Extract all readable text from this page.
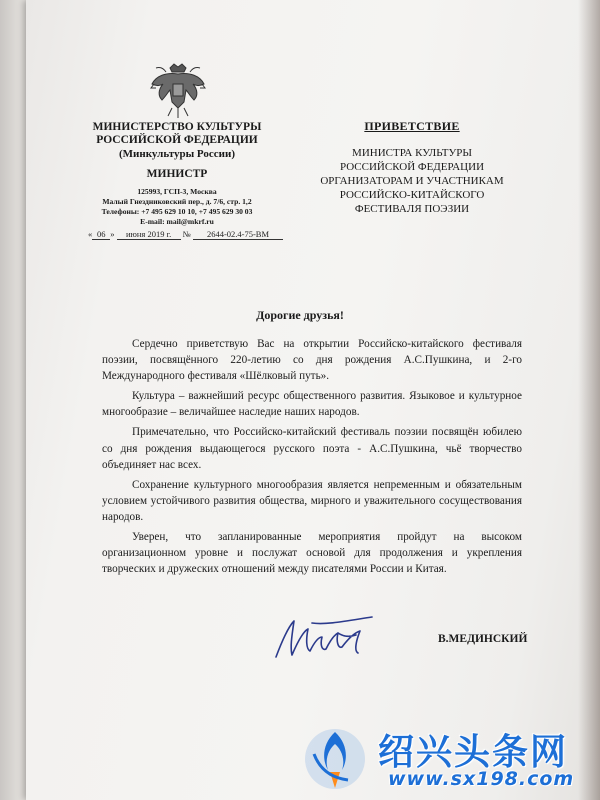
МИНИСТЕРСТВО КУЛЬТУРЫ
РОССИЙСКОЙ ФЕДЕРАЦИИ
(Минкультуры России)
МИНИСТР
125993, ГСП-3, Москва
Малый Гнездниковский пер., д. 7/6, стр. 1,2
Телефоны: +7 495 629 10 10, +7 495 629 30 03
E-mail: mail@mkrf.ru
« 06 » июня 2019 г. № 2644-02.4-75-ВМ
ПРИВЕТСТВИЕ
МИНИСТРА КУЛЬТУРЫ
РОССИЙСКОЙ ФЕДЕРАЦИИ
ОРГАНИЗАТОРАМ И УЧАСТНИКАМ
РОССИЙСКО-КИТАЙСКОГО
ФЕСТИВАЛЯ ПОЭЗИИ
Дорогие друзья!

Сердечно приветствую Вас на открытии Российско-китайского фестиваля поэзии, посвящённого 220-летию со дня рождения А.С.Пушкина, и 2-го Международного фестиваля «Шёлковый путь».

Культура – важнейший ресурс общественного развития. Языковое и культурное многообразие – величайшее наследие наших народов.

Примечательно, что Российско-китайский фестиваль поэзии посвящён юбилею со дня рождения выдающегося русского поэта - А.С.Пушкина, чьё творчество объединяет нас всех.

Сохранение культурного многообразия является непременным и обязательным условием устойчивого развития общества, мирного и уважительного сосуществования народов.

Уверен, что запланированные мероприятия пройдут на высоком организационном уровне и послужат основой для продолжения и укрепления творческих и дружеских отношений между писателями России и Китая.

В.МЕДИНСКИЙ
绍兴头条网
www.sx198.com
